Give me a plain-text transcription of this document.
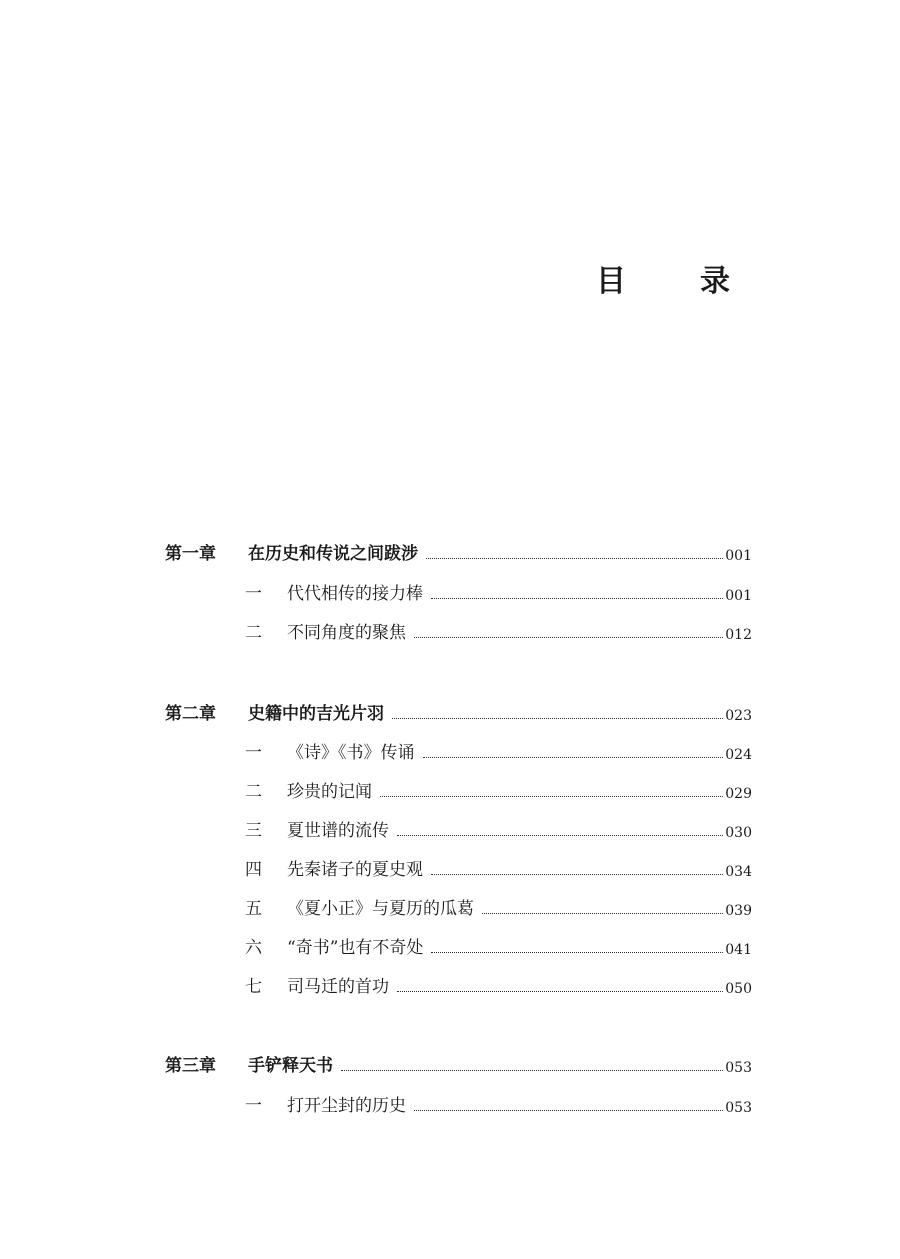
目　录
第一章 在历史和传说之间跋涉	001
一 代代相传的接力棒	001
二 不同角度的聚焦	012
第二章 史籍中的吉光片羽	023
一 《诗》《书》传诵	024
二 珍贵的记闻	029
三 夏世谱的流传	030
四 先秦诸子的夏史观	034
五 《夏小正》与夏历的瓜葛	039
六 “奇书”也有不奇处	041
七 司马迁的首功	050
第三章 手铲释天书	053
一 打开尘封的历史	053
